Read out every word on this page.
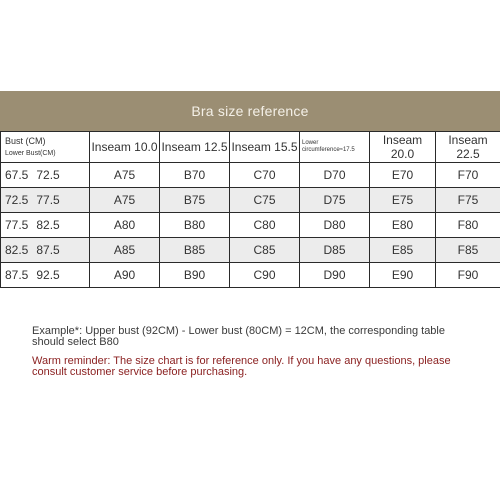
Bra size reference
Bust (CM)
Lower Bust(CM)	Inseam 10.0	Inseam 12.5	Inseam 15.5	Lower circumference≈17.5	Inseam 20.0	Inseam 22.5
67.5 72.5	A75	B70	C70	D70	E70	F70
72.5 77.5	A75	B75	C75	D75	E75	F75
77.5 82.5	A80	B80	C80	D80	E80	F80
82.5 87.5	A85	B85	C85	D85	E85	F85
87.5 92.5	A90	B90	C90	D90	E90	F90
Example*: Upper bust (92CM) - Lower bust (80CM) = 12CM, the corresponding table should select B80
Warm reminder: The size chart is for reference only. If you have any questions, please consult customer service before purchasing.
